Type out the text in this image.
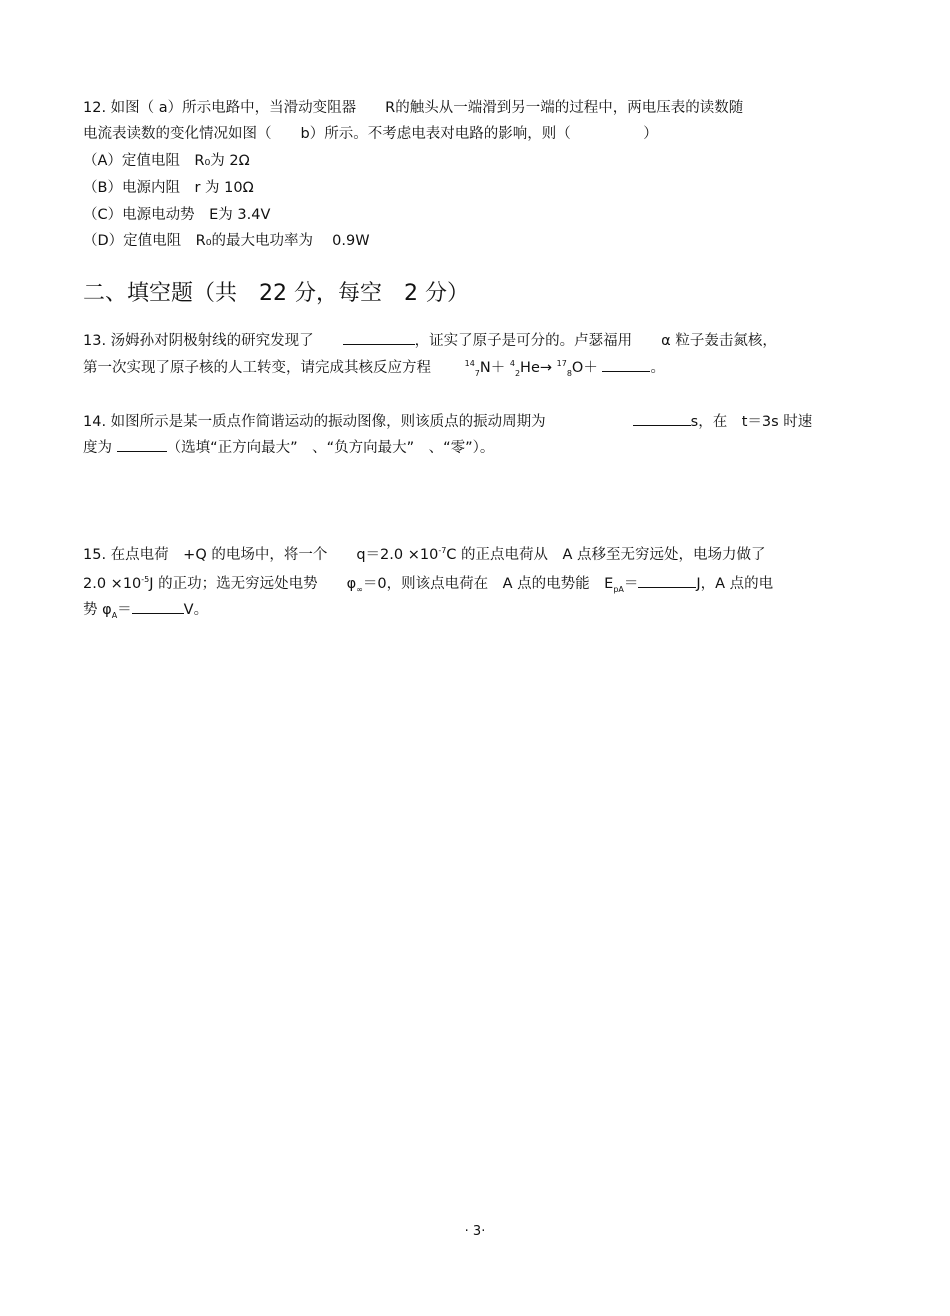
12. 如图（ a）所示电路中，当滑动变阻器　　R的触头从一端滑到另一端的过程中，两电压表的读数随
电流表读数的变化情况如图（　　b）所示。不考虑电表对电路的影响，则（　　　　　）
（A）定值电阻　R₀为 2Ω
（B）电源内阻　r 为 10Ω
（C）电源电动势　E为 3.4V
（D）定值电阻　R₀的最大电功率为　 0.9W
二、填空题（共　22 分，每空　2 分）
13. 汤姆孙对阴极射线的研究发现了　　	，证实了原子是可分的。卢瑟福用　　α 粒子轰击氮核，
第一次实现了原子核的人工转变，请完成其核反应方程　　 $^{14}_7$N＋ $^4_2$He→ $^{17}_8$O＋	。
14. 如图所示是某一质点作简谐运动的振动图像，则该质点的振动周期为　　　　　　	s，在　t＝3s 时速
度为	（选填“正方向最大”　、“负方向最大”　、“零”）。
15. 在点电荷　+Q 的电场中，将一个　　$q=2.0 \times 10^{-7}C$ 的正点电荷从　A 点移至无穷远处，电场力做了
$2.0 \times 10^{-5}J$ 的正功；选无穷远处电势　　$\varphi_\infty=0$，则该点电荷在　A 点的电势能　$E_{pA}=$	J，A 点的电
势 $\varphi_A=$	V。
· 3·
